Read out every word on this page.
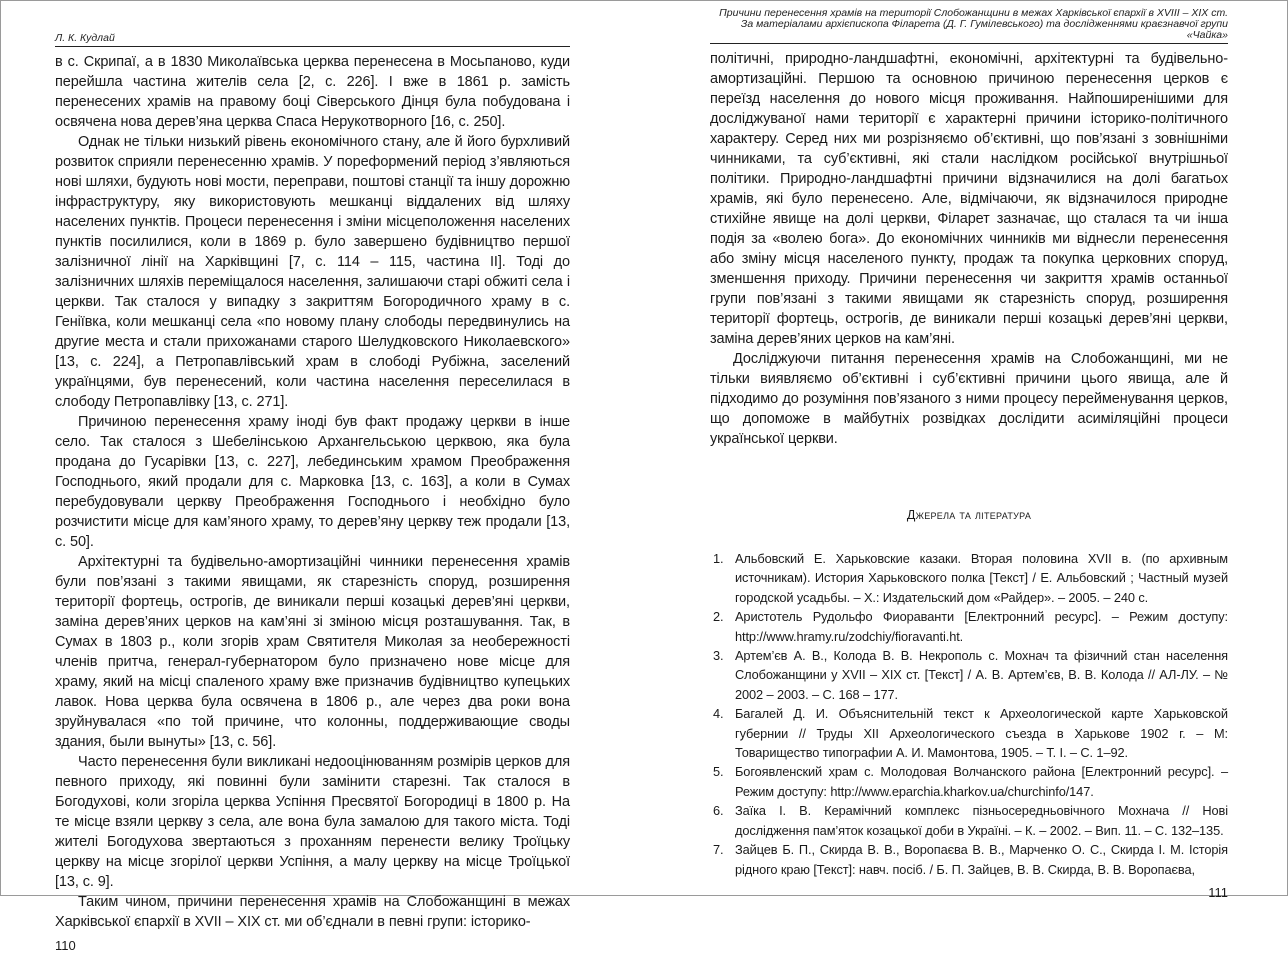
Л. К. Кудлай

в с. Скрипаї, а в 1830 Миколаївська церква перенесена в Мосьпаново, куди перейшла частина жителів села [2, с. 226]. І вже в 1861 р. замість перенесених храмів на правому боці Сіверського Дінця була побудована і освячена нова дерев’яна церква Спаса Нерукотворного [16, с. 250].

Однак не тільки низький рівень економічного стану, але й його бурхливий розвиток сприяли перенесенню храмів. У пореформений період з’являються нові шляхи, будують нові мости, переправи, поштові станції та іншу дорожню інфраструктуру, яку використовують мешканці віддалених від шляху населених пунктів. Процеси перенесення і зміни місцеположення населених пунктів посилилися, коли в 1869 р. було завершено будівництво першої залізничної лінії на Харківщині [7, с. 114 – 115, частина ІІ]. Тоді до залізничних шляхів переміщалося населення, залишаючи старі обжиті села і церкви. Так сталося у випадку з закриттям Богородичного храму в с. Геніївка, коли мешканці села «по новому плану слободы передвинулись на другие места и стали прихожанами старого Шелудковского Николаевского» [13, с. 224], а Петропавлівський храм в слободі Рубіжна, заселений українцями, був перенесений, коли частина населення переселилася в слободу Петропавлівку [13, с. 271].

Причиною перенесення храму іноді був факт продажу церкви в інше село. Так сталося з Шебелінською Архангельською церквою, яка була продана до Гусарівки [13, с. 227], лебединським храмом Преображення Господнього, який продали для с. Марковка [13, с. 163], а коли в Сумах перебудовували церкву Преображення Господнього і необхідно було розчистити місце для кам’яного храму, то дерев’яну церкву теж продали [13, с. 50].

Архітектурні та будівельно-амортизаційні чинники перенесення храмів були пов’язані з такими явищами, як старезність споруд, розширення території фортець, острогів, де виникали перші козацькі дерев’яні церкви, заміна дерев’яних церков на кам’яні зі зміною місця розташування. Так, в Сумах в 1803 р., коли згорів храм Святителя Миколая за необережності членів притча, генерал-губернатором було призначено нове місце для храму, який на місці спаленого храму вже призначив будівництво купецьких лавок. Нова церква була освячена в 1806 р., але через два роки вона зруйнувалася «по той причине, что колонны, поддерживающие своды здания, были вынуты» [13, с. 56].

Часто перенесення були викликані недооцінюванням розмірів церков для певного приходу, які повинні були замінити старезні. Так сталося в Богодухові, коли згоріла церква Успіння Пресвятої Богородиці в 1800 р. На те місце взяли церкву з села, але вона була замалою для такого міста. Тоді жителі Богодухова звертаються з проханням перенести велику Троїцьку церкву на місце згорілої церкви Успіння, а малу церкву на місце Троїцької [13, с. 9].

Таким чином, причини перенесення храмів на Слобожанщині в межах Харківської єпархії в XVII – XIX ст. ми об’єднали в певні групи: історико-

110
Причини перенесення храмів на території Слобожанщини в межах Харківської єпархії в XVIII – XIX ст. За матеріалами архієпископа Філарета (Д. Г. Гумілевського) та дослідженнями краєзнавчої групи «Чайка»

політичні, природно-ландшафтні, економічні, архітектурні та будівельно-амортизаційні. Першою та основною причиною перенесення церков є переїзд населення до нового місця проживання. Найпоширенішими для досліджуваної нами території є характерні причини історико-політичного характеру. Серед них ми розрізняємо об’єктивні, що пов’язані з зовнішніми чинниками, та суб’єктивні, які стали наслідком російської внутрішньої політики. Природно-ландшафтні причини відзначилися на долі багатьох храмів, які було перенесено. Але, відмічаючи, як відзначилося природне стихійне явище на долі церкви, Філарет зазначає, що сталася та чи інша подія за «волею бога». До економічних чинників ми віднесли перенесення або зміну місця населеного пункту, продаж та покупка церковних споруд, зменшення приходу. Причини перенесення чи закриття храмів останньої групи пов’язані з такими явищами як старезність споруд, розширення території фортець, острогів, де виникали перші козацькі дерев’яні церкви, заміна дерев’яних церков на кам’яні.

Досліджуючи питання перенесення храмів на Слобожанщині, ми не тільки виявляємо об’єктивні і суб’єктивні причини цього явища, але й підходимо до розуміння пов’язаного з ними процесу перейменування церков, що допоможе в майбутніх розвідках дослідити асиміляційні процеси української церкви.

Джерела та література
1. Альбовский Е. Харьковские казаки. Вторая половина XVII в. (по архивным источникам). История Харьковского полка [Текст] / Е. Альбовский ; Частный музей городской усадьбы. – Х.: Издательский дом «Райдер». – 2005. – 240 с.
2. Аристотель Рудольфо Фиораванти [Електронний ресурс]. – Режим доступу: http://www.hramy.ru/zodchiy/fioravanti.ht.
3. Артем’єв А. В., Колода В. В. Некрополь с. Мохнач та фізичний стан населення Слобожанщини у XVII – XIX ст. [Текст] / А. В. Артем’єв, В. В. Колода // АЛ-ЛУ. – № 2002 – 2003. – С. 168 – 177.
4. Багалей Д. И. Объяснительній текст к Археологической карте Харьковской губернии // Труды XII Археологического съезда в Харькове 1902 г. – М: Товарищество типографии А. И. Мамонтова, 1905. – Т. І. – С. 1–92.
5. Богоявленский храм с. Молодовая Волчанского района [Електронний ресурс]. – Режим доступу: http://www.eparchia.kharkov.ua/churchinfo/147.
6. Заїка І. В. Керамічний комплекс пізньосередньовічного Мохнача // Нові дослідження пам’яток козацької доби в Україні. – К. – 2002. – Вип. 11. – С. 132–135.
7. Зайцев Б. П., Скирда В. В., Воропаєва В. В., Марченко О. С., Скирда І. М. Історія рідного краю [Текст]: навч. посіб. / Б. П. Зайцев, В. В. Скирда, В. В. Воропаєва,
111
